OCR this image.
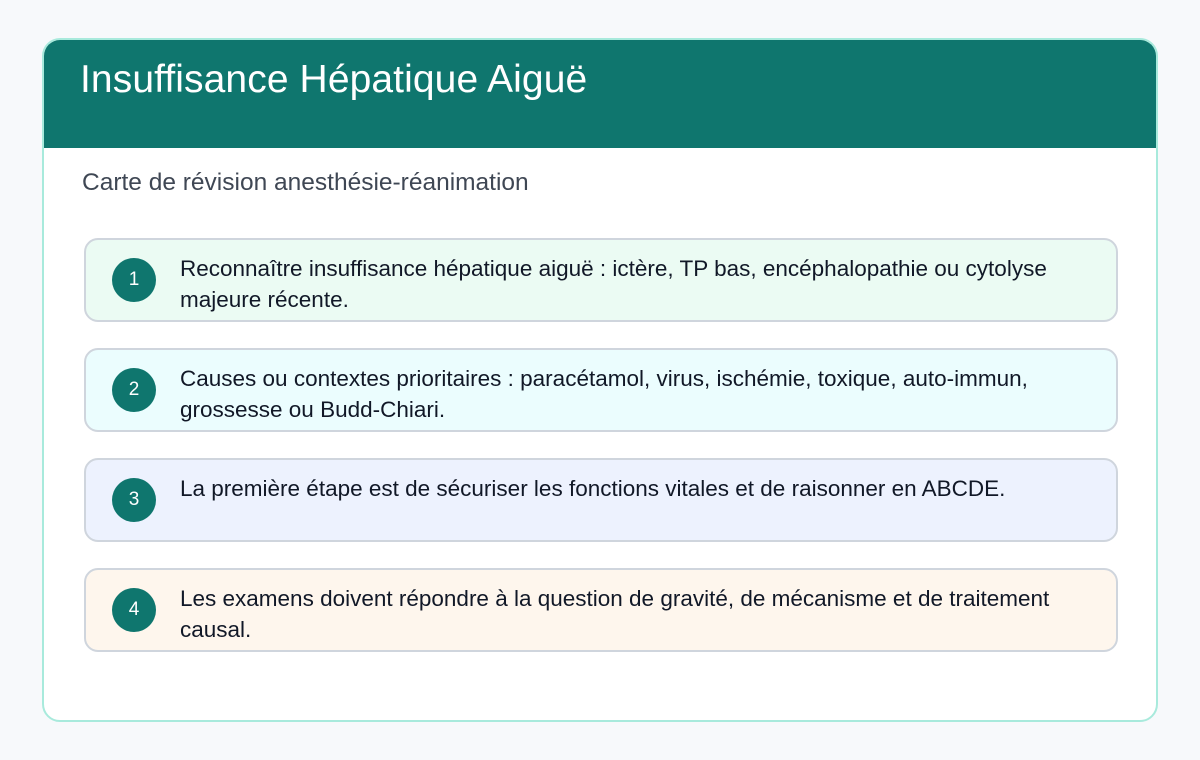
Insuffisance Hépatique Aiguë

Carte de révision anesthésie-réanimation

1	Reconnaître insuffisance hépatique aiguë : ictère, TP bas, encéphalopathie ou cytolyse majeure récente.

2	Causes ou contextes prioritaires : paracétamol, virus, ischémie, toxique, auto-immun, grossesse ou Budd-Chiari.

3	La première étape est de sécuriser les fonctions vitales et de raisonner en ABCDE.

4	Les examens doivent répondre à la question de gravité, de mécanisme et de traitement causal.
